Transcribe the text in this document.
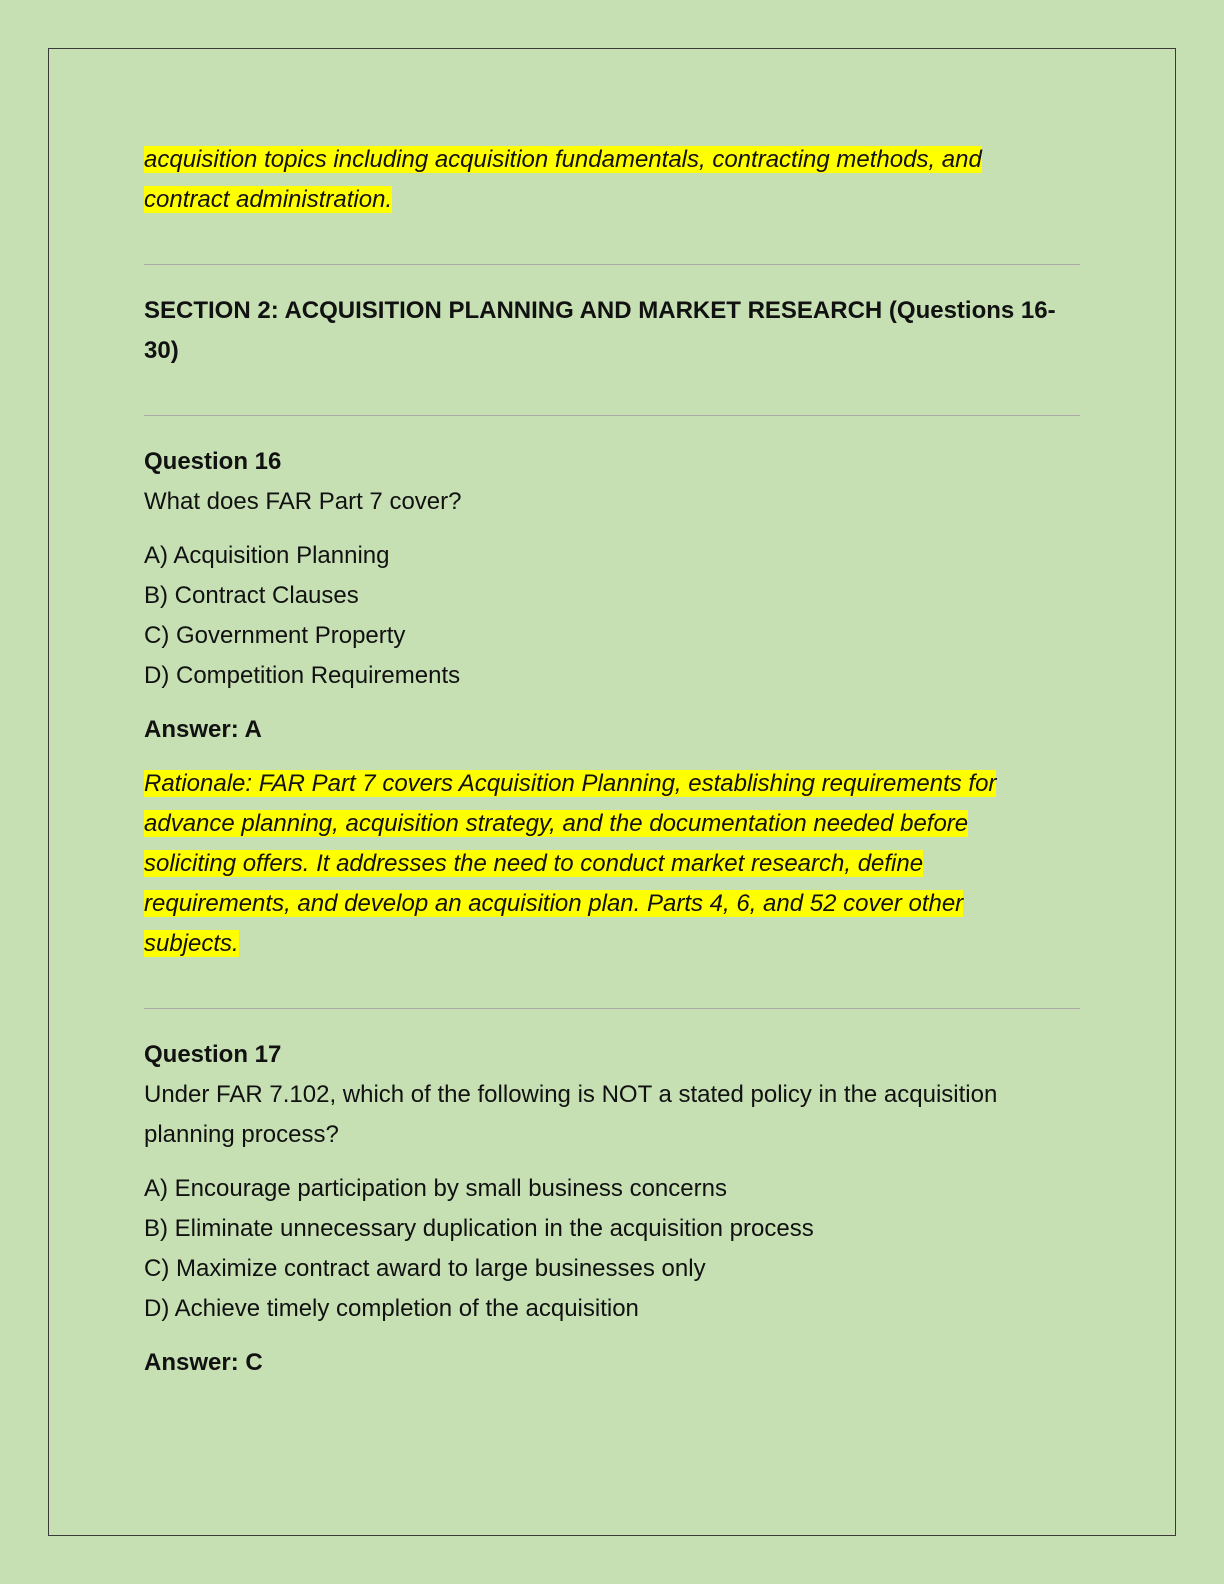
acquisition topics including acquisition fundamentals, contracting methods, and contract administration.

SECTION 2: ACQUISITION PLANNING AND MARKET RESEARCH (Questions 16-30)

Question 16

What does FAR Part 7 cover?

A) Acquisition Planning
B) Contract Clauses
C) Government Property
D) Competition Requirements

Answer: A

Rationale: FAR Part 7 covers Acquisition Planning, establishing requirements for advance planning, acquisition strategy, and the documentation needed before soliciting offers. It addresses the need to conduct market research, define requirements, and develop an acquisition plan. Parts 4, 6, and 52 cover other subjects.

Question 17

Under FAR 7.102, which of the following is NOT a stated policy in the acquisition planning process?

A) Encourage participation by small business concerns
B) Eliminate unnecessary duplication in the acquisition process
C) Maximize contract award to large businesses only
D) Achieve timely completion of the acquisition

Answer: C
